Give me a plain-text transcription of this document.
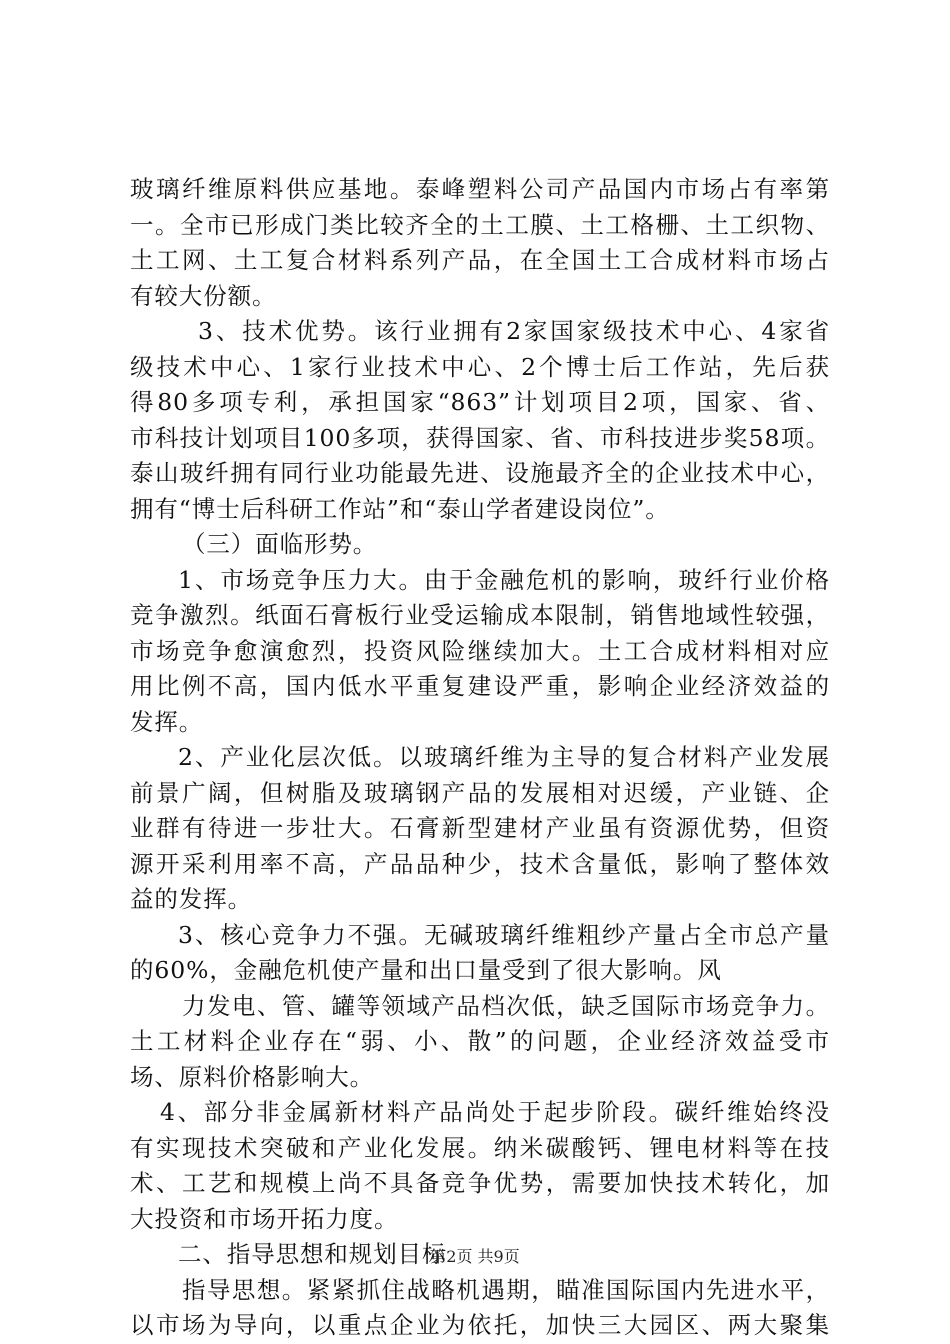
玻璃纤维原料供应基地。泰峰塑料公司产品国内市场占有率第
一。全市已形成门类比较齐全的土工膜、土工格栅、土工织物、
土工网、土工复合材料系列产品，在全国土工合成材料市场占
有较大份额。
3、技术优势。该行业拥有2家国家级技术中心、4家省
级技术中心、1家行业技术中心、2个博士后工作站，先后获
得80多项专利，承担国家“863”计划项目2项，国家、省、
市科技计划项目100多项，获得国家、省、市科技进步奖58项。
泰山玻纤拥有同行业功能最先进、设施最齐全的企业技术中心，
拥有“博士后科研工作站”和“泰山学者建设岗位”。
（三）面临形势。
1、市场竞争压力大。由于金融危机的影响，玻纤行业价格
竞争激烈。纸面石膏板行业受运输成本限制，销售地域性较强，
市场竞争愈演愈烈，投资风险继续加大。土工合成材料相对应
用比例不高，国内低水平重复建设严重，影响企业经济效益的
发挥。
2、产业化层次低。以玻璃纤维为主导的复合材料产业发展
前景广阔，但树脂及玻璃钢产品的发展相对迟缓，产业链、企
业群有待进一步壮大。石膏新型建材产业虽有资源优势，但资
源开采利用率不高，产品品种少，技术含量低，影响了整体效
益的发挥。
3、核心竞争力不强。无碱玻璃纤维粗纱产量占全市总产量
的60%，金融危机使产量和出口量受到了很大影响。风
力发电、管、罐等领域产品档次低，缺乏国际市场竞争力。
土工材料企业存在“弱、小、散”的问题，企业经济效益受市
场、原料价格影响大。
4、部分非金属新材料产品尚处于起步阶段。碳纤维始终没
有实现技术突破和产业化发展。纳米碳酸钙、锂电材料等在技
术、工艺和规模上尚不具备竞争优势，需要加快技术转化，加
大投资和市场开拓力度。
二、指导思想和规划目标
指导思想。紧紧抓住战略机遇期，瞄准国际国内先进水平，
以市场为导向，以重点企业为依托，加快三大园区、两大聚集
第2页 共9页
